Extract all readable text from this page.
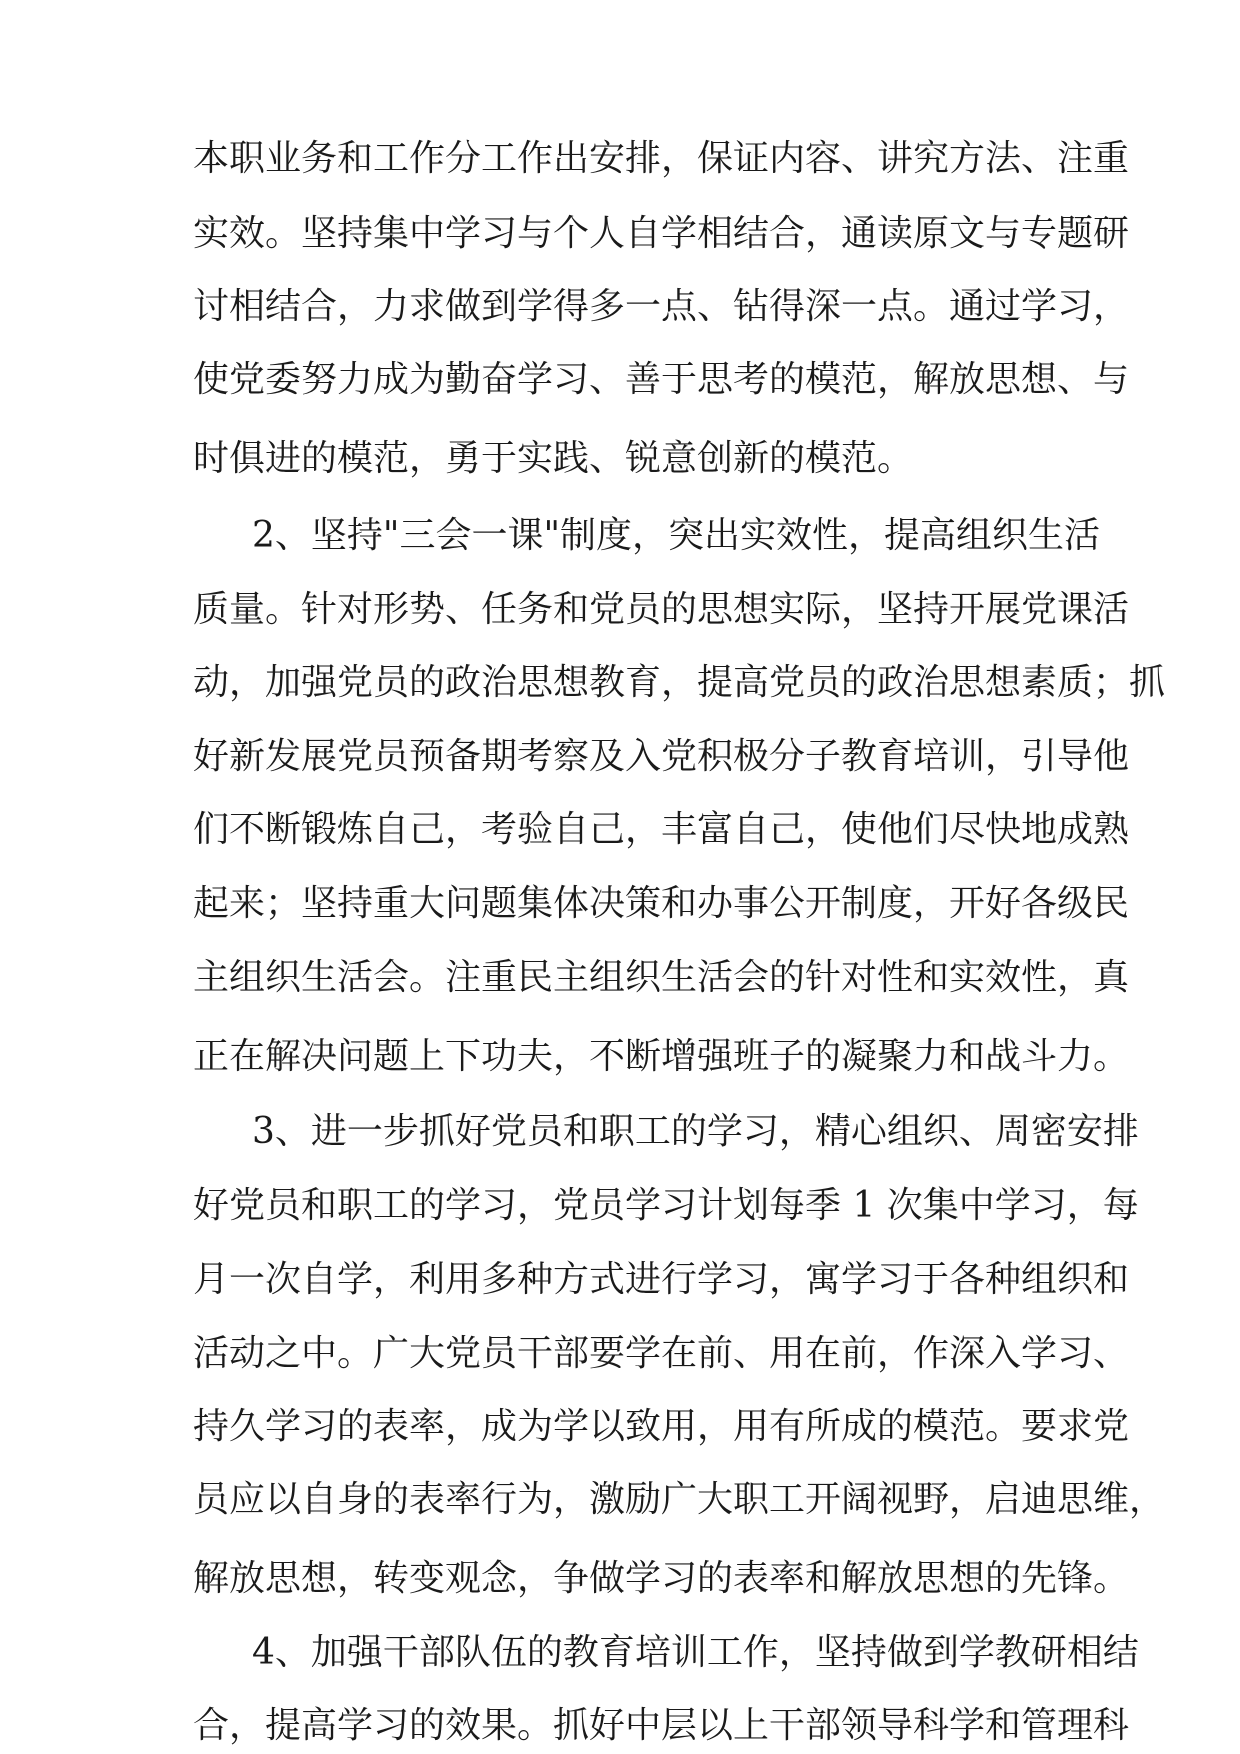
本职业务和工作分工作出安排，保证内容、讲究方法、注重
实效。坚持集中学习与个人自学相结合，通读原文与专题研
讨相结合，力求做到学得多一点、钻得深一点。通过学习，
使党委努力成为勤奋学习、善于思考的模范，解放思想、与
时俱进的模范，勇于实践、锐意创新的模范。
2、坚持"三会一课"制度，突出实效性，提高组织生活
质量。针对形势、任务和党员的思想实际，坚持开展党课活
动，加强党员的政治思想教育，提高党员的政治思想素质；抓
好新发展党员预备期考察及入党积极分子教育培训，引导他
们不断锻炼自己，考验自己，丰富自己，使他们尽快地成熟
起来；坚持重大问题集体决策和办事公开制度，开好各级民
主组织生活会。注重民主组织生活会的针对性和实效性，真
正在解决问题上下功夫，不断增强班子的凝聚力和战斗力。
3、进一步抓好党员和职工的学习，精心组织、周密安排
好党员和职工的学习，党员学习计划每季 1 次集中学习，每
月一次自学，利用多种方式进行学习，寓学习于各种组织和
活动之中。广大党员干部要学在前、用在前，作深入学习、
持久学习的表率，成为学以致用，用有所成的模范。要求党
员应以自身的表率行为，激励广大职工开阔视野，启迪思维，
解放思想，转变观念，争做学习的表率和解放思想的先锋。
4、加强干部队伍的教育培训工作，坚持做到学教研相结
合，提高学习的效果。抓好中层以上干部领导科学和管理科
